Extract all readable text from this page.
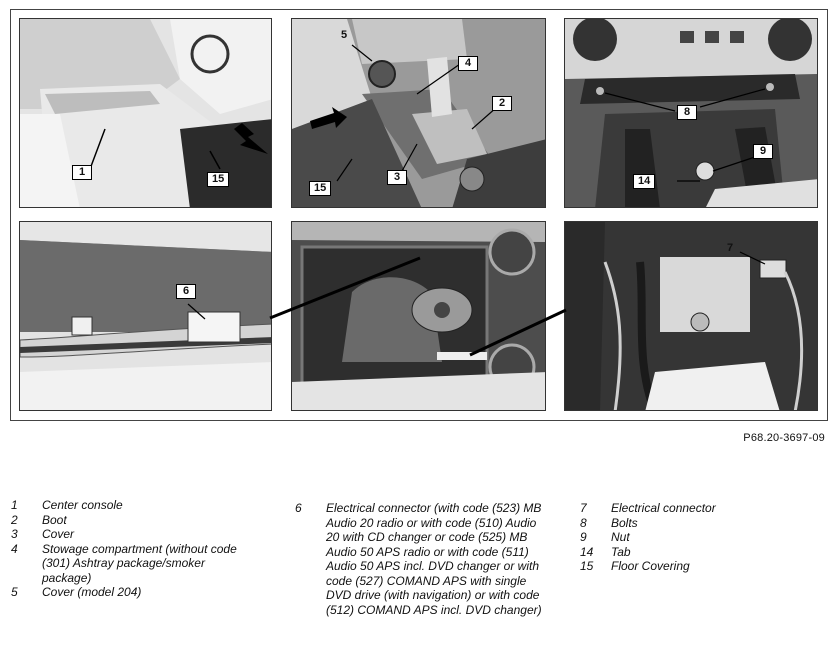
1
15
5
4
2
15
3
8
9
14
6
7
P68.20-3697-09
1	Center console
2	Boot
3	Cover
4	Stowage compartment (without code (301) Ashtray package/smoker package)
5	Cover (model 204)
6	Electrical connector (with code (523) MB Audio 20 radio or with code (510) Audio 20 with CD changer or code (525) MB Audio 50 APS radio or with code (511) Audio 50 APS incl. DVD changer or with code (527) COMAND APS with single DVD drive (with navigation) or with code (512) COMAND APS incl. DVD changer)
7	Electrical connector
8	Bolts
9	Nut
14	Tab
15	Floor Covering
